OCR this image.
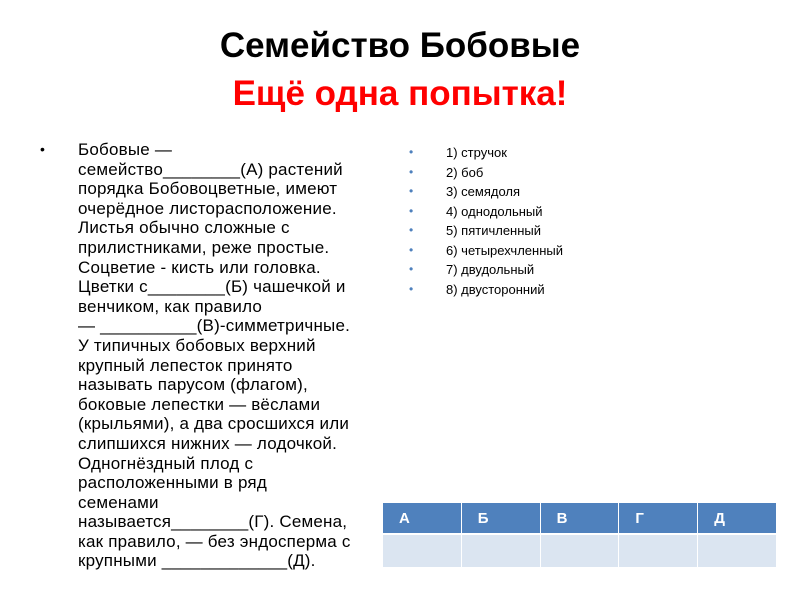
Семейство Бобовые
Ещё одна попытка!
• Бобовые —
семейство________(А) растений
порядка Бобовоцветные, имеют
очерёдное листорасположение.
Листья обычно сложные с
прилистниками, реже простые.
Соцветие - кисть или головка.
Цветки с________(Б) чашечкой и
венчиком, как правило
— __________(В)-симметричные.
У типичных бобовых верхний
крупный лепесток принято
называть парусом (флагом),
боковые лепестки — вёслами
(крыльями), а два сросшихся или
слипшихся нижних — лодочкой.
Одногнёздный плод с
расположенными в ряд
семенами
называется________(Г). Семена,
как правило, — без эндосперма с
крупными _____________(Д).
•	1) стручок
•	2) боб
•	3) семядоля
•	4) однодольный
•	5) пятичленный
•	6) четырехчленный
•	7) двудольный
•	8) двусторонний
А	Б	В	Г	Д
